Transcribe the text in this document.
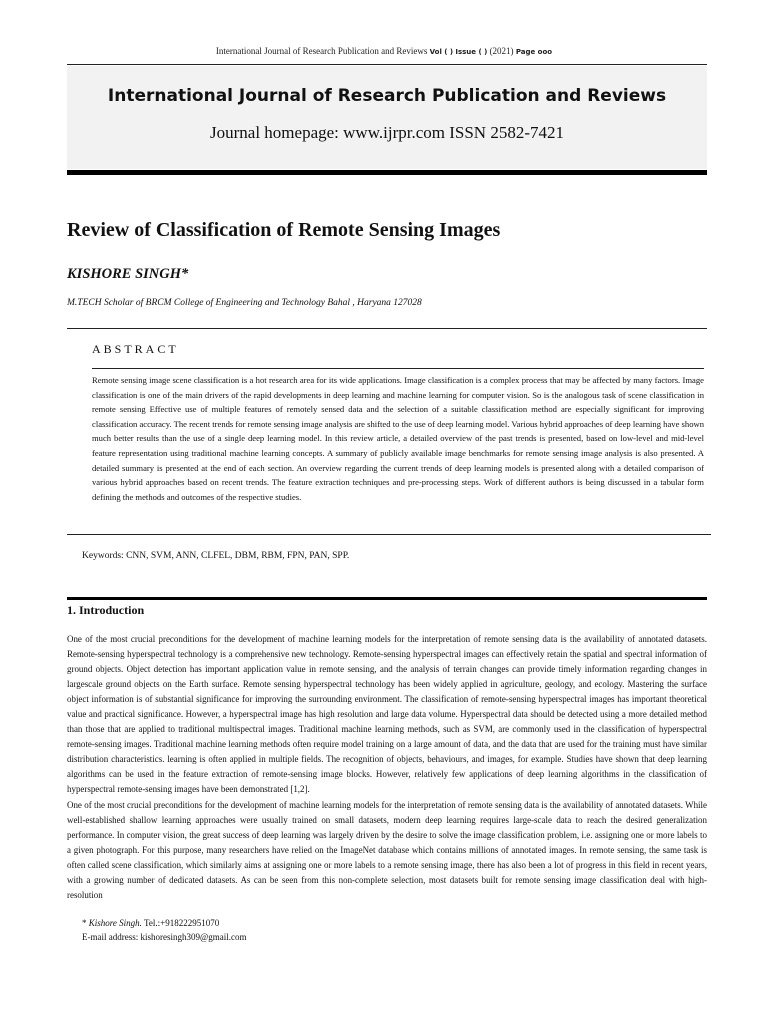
International Journal of Research Publication and Reviews Vol ( ) Issue ( ) (2021) Page ooo
International Journal of Research Publication and Reviews
Journal homepage: www.ijrpr.com ISSN 2582-7421
Review of Classification of Remote Sensing Images
KISHORE SINGH*
M.TECH Scholar of BRCM College of Engineering and Technology Bahal , Haryana 127028
ABSTRACT
Remote sensing image scene classification is a hot research area for its wide applications. Image classification is a complex process that may be affected by many factors. Image classification is one of the main drivers of the rapid developments in deep learning and machine learning for computer vision. So is the analogous task of scene classification in remote sensing Effective use of multiple features of remotely sensed data and the selection of a suitable classification method are especially significant for improving classification accuracy. The recent trends for remote sensing image analysis are shifted to the use of deep learning model. Various hybrid approaches of deep learning have shown much better results than the use of a single deep learning model. In this review article, a detailed overview of the past trends is presented, based on low-level and mid-level feature representation using traditional machine learning concepts. A summary of publicly available image benchmarks for remote sensing image analysis is also presented. A detailed summary is presented at the end of each section. An overview regarding the current trends of deep learning models is presented along with a detailed comparison of various hybrid approaches based on recent trends. The feature extraction techniques and pre-processing steps. Work of different authors is being discussed in a tabular form defining the methods and outcomes of the respective studies.
Keywords: CNN, SVM, ANN, CLFEL, DBM, RBM, FPN, PAN, SPP.
1. Introduction

One of the most crucial preconditions for the development of machine learning models for the interpretation of remote sensing data is the availability of annotated datasets. Remote-sensing hyperspectral technology is a comprehensive new technology. Remote-sensing hyperspectral images can effectively retain the spatial and spectral information of ground objects. Object detection has important application value in remote sensing, and the analysis of terrain changes can provide timely information regarding changes in largescale ground objects on the Earth surface. Remote sensing hyperspectral technology has been widely applied in agriculture, geology, and ecology. Mastering the surface object information is of substantial significance for improving the surrounding environment. The classification of remote-sensing hyperspectral images has important theoretical value and practical significance. However, a hyperspectral image has high resolution and large data volume. Hyperspectral data should be detected using a more detailed method than those that are applied to traditional multispectral images. Traditional machine learning methods, such as SVM, are commonly used in the classification of hyperspectral remote-sensing images. Traditional machine learning methods often require model training on a large amount of data, and the data that are used for the training must have similar distribution characteristics. learning is often applied in multiple fields. The recognition of objects, behaviours, and images, for example. Studies have shown that deep learning algorithms can be used in the feature extraction of remote-sensing image blocks. However, relatively few applications of deep learning algorithms in the classification of hyperspectral remote-sensing images have been demonstrated [1,2].

One of the most crucial preconditions for the development of machine learning models for the interpretation of remote sensing data is the availability of annotated datasets. While well-established shallow learning approaches were usually trained on small datasets, modern deep learning requires large-scale data to reach the desired generalization performance. In computer vision, the great success of deep learning was largely driven by the desire to solve the image classification problem, i.e. assigning one or more labels to a given photograph. For this purpose, many researchers have relied on the ImageNet database which contains millions of annotated images. In remote sensing, the same task is often called scene classification, which similarly aims at assigning one or more labels to a remote sensing image, there has also been a lot of progress in this field in recent years, with a growing number of dedicated datasets. As can be seen from this non-complete selection, most datasets built for remote sensing image classification deal with high-resolution

* Kishore Singh. Tel.:+918222951070
E-mail address: kishoresingh309@gmail.com
